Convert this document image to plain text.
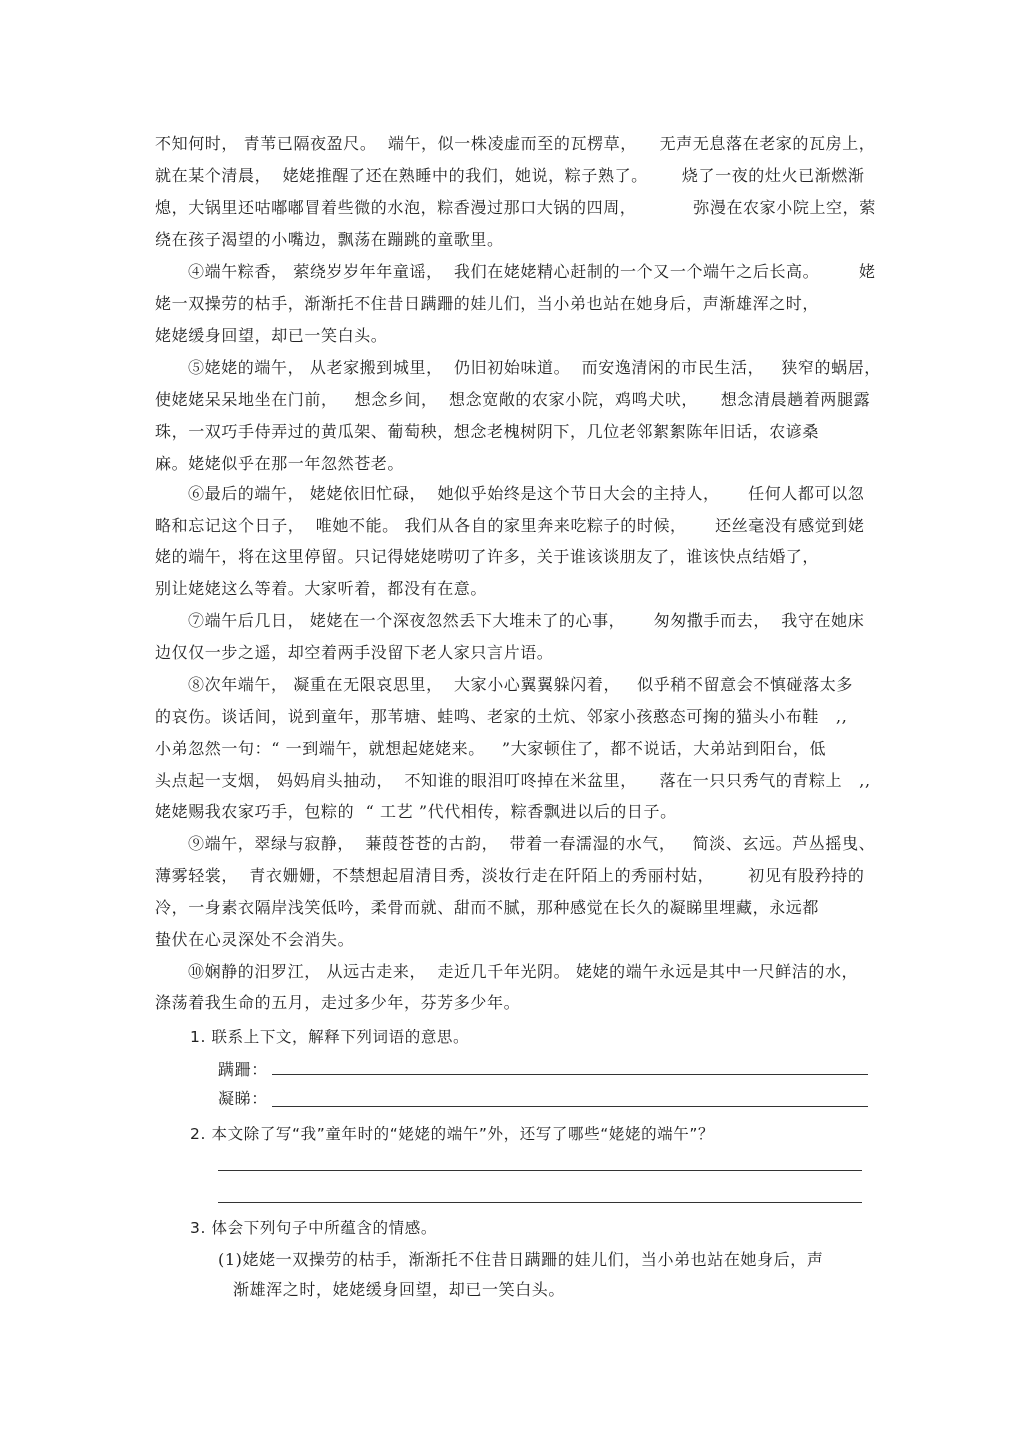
不知何时， 青苇已隔夜盈尺。  端午，似一株凌虚而至的瓦楞草，    无声无息落在老家的瓦房上，
就在某个清晨，  姥姥推醒了还在熟睡中的我们，她说，粽子熟了。      烧了一夜的灶火已渐燃渐
熄，大锅里还咕嘟嘟冒着些微的水泡，粽香漫过那口大锅的四周，          弥漫在农家小院上空，萦
绕在孩子渴望的小嘴边，飘荡在蹦跳的童歌里。
④端午粽香， 萦绕岁岁年年童谣，  我们在姥姥精心赶制的一个又一个端午之后长高。       姥
姥一双操劳的枯手，渐渐托不住昔日蹒跚的娃儿们，当小弟也站在她身后，声渐雄浑之时，
姥姥缓身回望，却已一笑白头。
⑤姥姥的端午， 从老家搬到城里，  仍旧初始味道。  而安逸清闲的市民生活，   狭窄的蜗居，
使姥姥呆呆地坐在门前，   想念乡间，  想念宽敞的农家小院，鸡鸣犬吠，    想念清晨趟着两腿露
珠，一双巧手侍弄过的黄瓜架、葡萄秧，想念老槐树阴下，几位老邻絮絮陈年旧话，农谚桑
麻。姥姥似乎在那一年忽然苍老。
⑥最后的端午， 姥姥依旧忙碌，  她似乎始终是这个节日大会的主持人，     任何人都可以忽
略和忘记这个日子，  唯她不能。 我们从各自的家里奔来吃粽子的时候，     还丝毫没有感觉到姥
姥的端午，将在这里停留。只记得姥姥唠叨了许多，关于谁该谈朋友了，谁该快点结婚了，
别让姥姥这么等着。大家听着，都没有在意。
⑦端午后几日， 姥姥在一个深夜忽然丢下大堆未了的心事，     匆匆撒手而去，  我守在她床
边仅仅一步之遥，却空着两手没留下老人家只言片语。
⑧次年端午， 凝重在无限哀思里，  大家小心翼翼躲闪着，   似乎稍不留意会不慎碰落太多
的哀伤。谈话间，说到童年，那苇塘、蛙鸣、老家的土炕、邻家小孩憨态可掬的猫头小布鞋   ,,
小弟忽然一句：“ 一到端午，就想起姥姥来。   ”大家顿住了，都不说话，大弟站到阳台，低
头点起一支烟， 妈妈肩头抽动，  不知谁的眼泪叮咚掉在米盆里，    落在一只只秀气的青粽上   ,,
姥姥赐我农家巧手，包粽的  “ 工艺 ”代代相传，粽香飘进以后的日子。
⑨端午，翠绿与寂静，  蒹葭苍苍的古韵，  带着一春濡湿的水气，   简淡、玄远。芦丛摇曳、
薄雾轻裳，  青衣姗姗，不禁想起眉清目秀，淡妆行走在阡陌上的秀丽村姑，      初见有股矜持的
冷，一身素衣隔岸浅笑低吟，柔骨而就、甜而不腻，那种感觉在长久的凝睇里埋藏，永远都
蛰伏在心灵深处不会消失。
⑩娴静的汨罗江， 从远古走来，  走近几千年光阴。 姥姥的端午永远是其中一尺鲜洁的水，
涤荡着我生命的五月，走过多少年，芬芳多少年。
1. 联系上下文，解释下列词语的意思。
蹒跚：
凝睇：
2. 本文除了写“我”童年时的“姥姥的端午”外，还写了哪些“姥姥的端午”？
3. 体会下列句子中所蕴含的情感。
(1)姥姥一双操劳的枯手，渐渐托不住昔日蹒跚的娃儿们，当小弟也站在她身后，声
渐雄浑之时，姥姥缓身回望，却已一笑白头。
